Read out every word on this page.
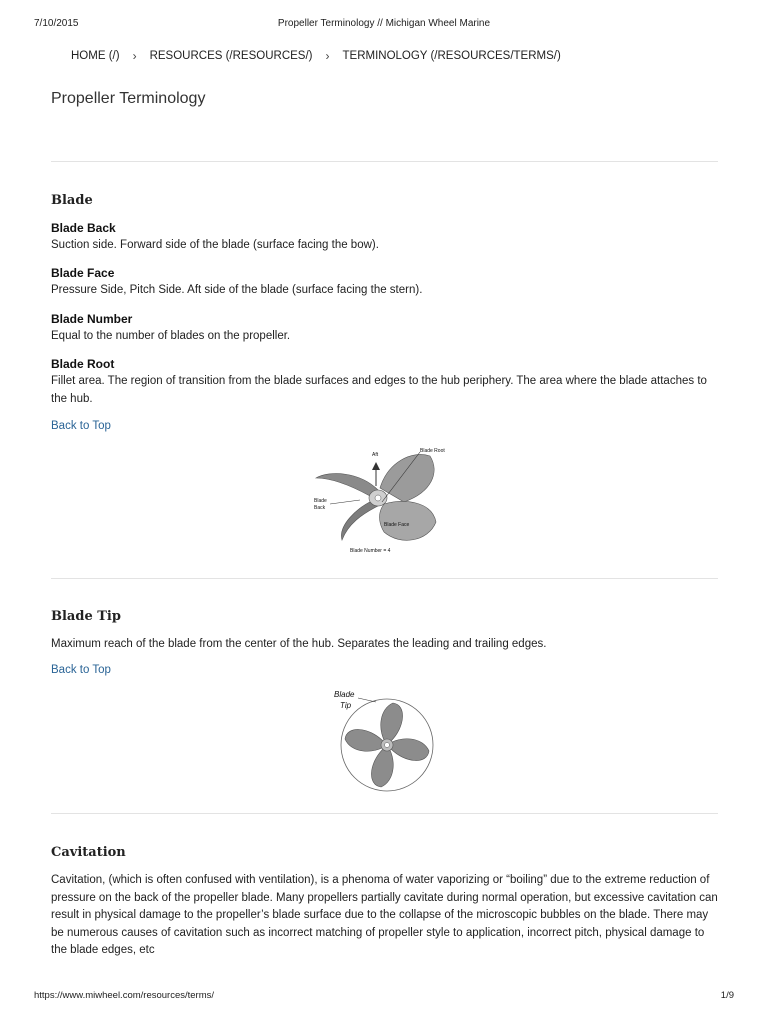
7/10/2015	Propeller Terminology // Michigan Wheel Marine
HOME (/) › RESOURCES (/RESOURCES/) › TERMINOLOGY (/RESOURCES/TERMS/)
Propeller Terminology
Blade
Blade Back

Suction side. Forward side of the blade (surface facing the bow).

Blade Face

Pressure Side, Pitch Side. Aft side of the blade (surface facing the stern).

Blade Number

Equal to the number of blades on the propeller.

Blade Root

Fillet area. The region of transition from the blade surfaces and edges to the hub periphery. The area where the blade attaches to the hub.

Back to Top
Aft
Blade Root
Blade
Back
Blade Face
Blade Number = 4
Blade Tip

Maximum reach of the blade from the center of the hub. Separates the leading and trailing edges.

Back to Top
Blade
Tip
Cavitation

Cavitation, (which is often confused with ventilation), is a phenoma of water vaporizing or “boiling” due to the extreme reduction of pressure on the back of the propeller blade. Many propellers partially cavitate during normal operation, but excessive cavitation can result in physical damage to the propeller’s blade surface due to the collapse of the microscopic bubbles on the blade. There may be numerous causes of cavitation such as incorrect matching of propeller style to application, incorrect pitch, physical damage to the blade edges, etc

https://www.miwheel.com/resources/terms/	1/9
